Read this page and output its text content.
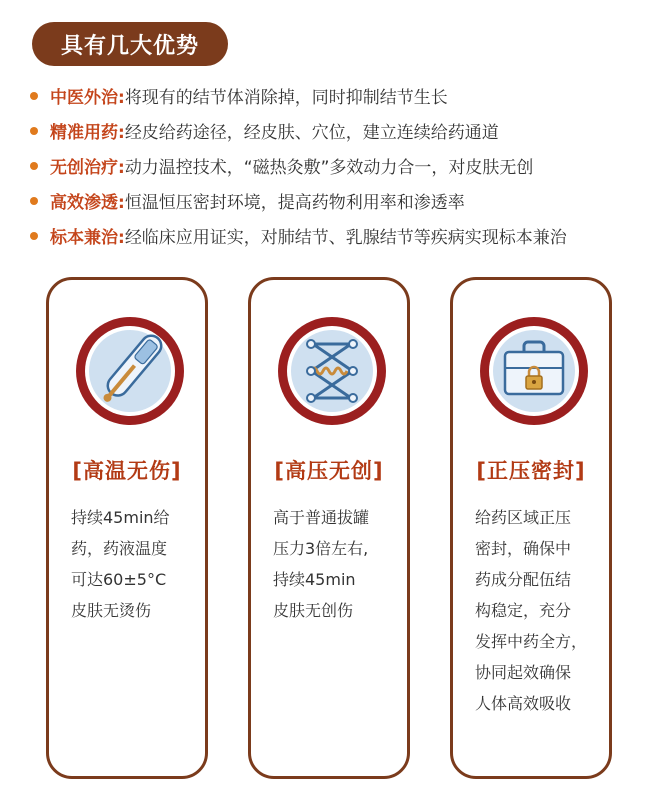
具有几大优势
中医外治: 将现有的结节体消除掉，同时抑制结节生长
精准用药: 经皮给药途径，经皮肤、穴位，建立连续给药通道
无创治疗: 动力温控技术，“磁热灸敷”多效动力合一，对皮肤无创
高效渗透: 恒温恒压密封环境，提高药物利用率和渗透率
标本兼治: 经临床应用证实，对肺结节、乳腺结节等疾病实现标本兼治
[高温无伤]
持续45min给
药，药液温度
可达60±5°C
皮肤无烫伤
[高压无创]
高于普通拔罐
压力3倍左右,
持续45min
皮肤无创伤
[正压密封]
给药区域正压
密封，确保中
药成分配伍结
构稳定，充分
发挥中药全方，
协同起效确保
人体高效吸收
